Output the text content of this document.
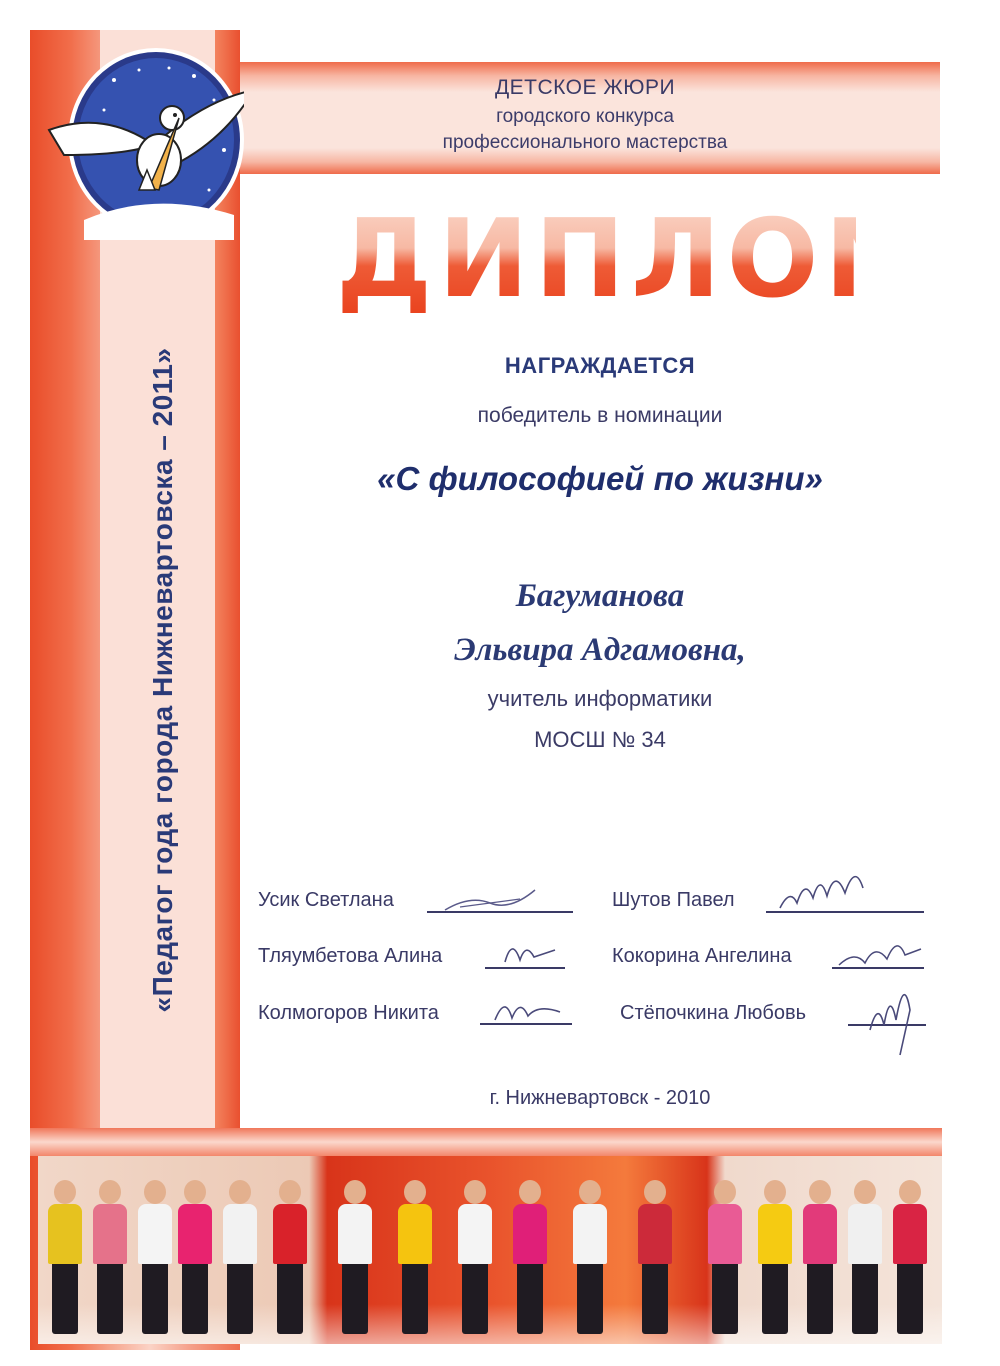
ДЕТСКОЕ ЖЮРИ
городского конкурса
профессионального мастерства
ДИПЛОМ
НАГРАЖДАЕТСЯ
победитель в номинации
«С философией по жизни»
Багуманова
Эльвира Адгамовна,
учитель информатики
МОСШ № 34
Усик Светлана	Шутов Павел
Тляумбетова Алина	Кокорина Ангелина
Колмогоров Никита	Стёпочкина Любовь
г. Нижневартовск - 2010
«Педагог года города Нижневартовска – 2011»
